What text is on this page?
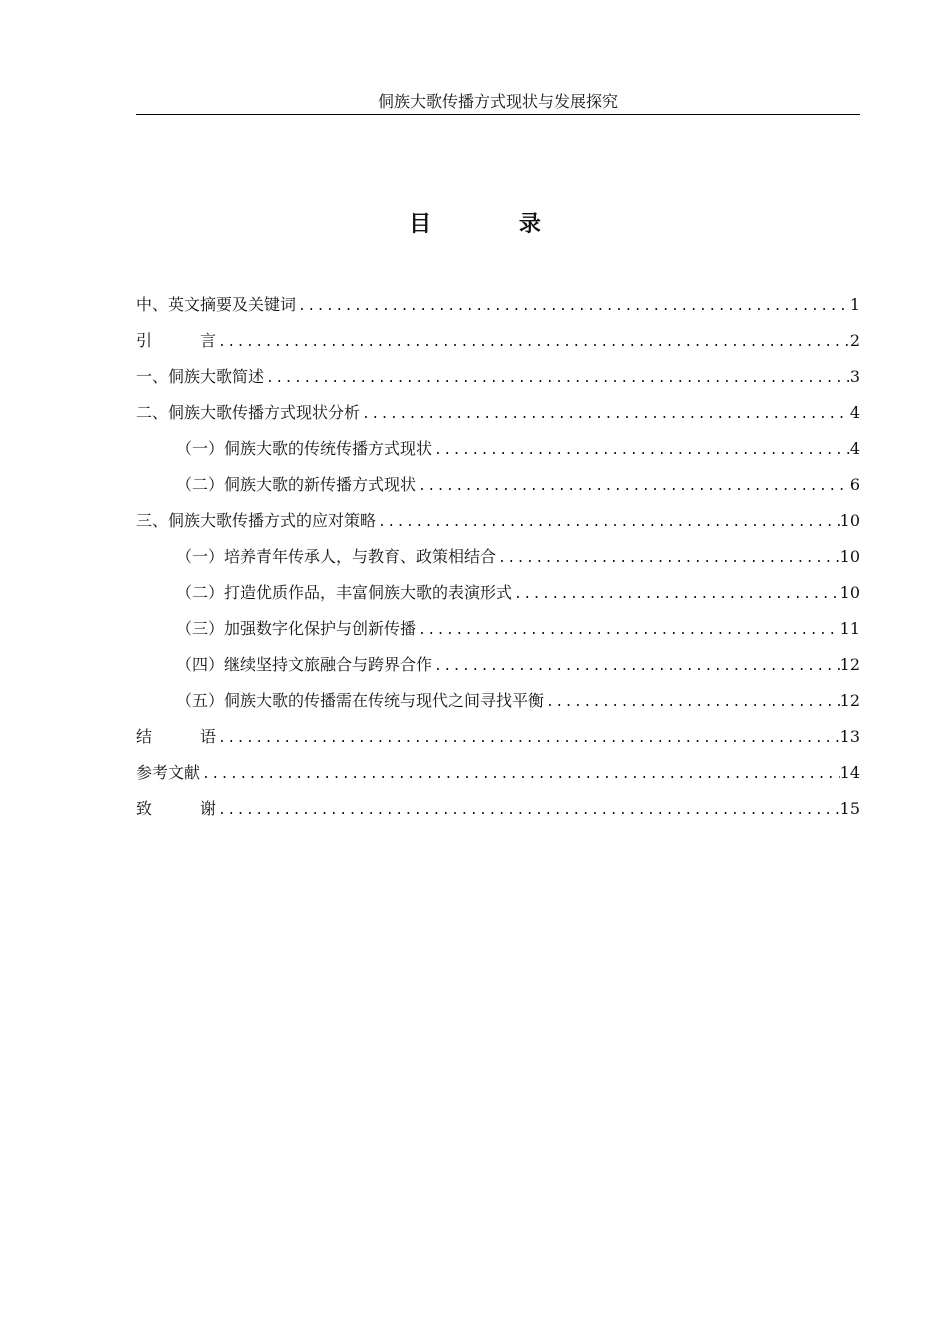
侗族大歌传播方式现状与发展探究
目 录
中、英文摘要及关键词 .....	1
引 言 .....	2
一、侗族大歌简述 .....	3
二、侗族大歌传播方式现状分析 .....	4
（一）侗族大歌的传统传播方式现状 .....	4
（二）侗族大歌的新传播方式现状 .....	6
三、侗族大歌传播方式的应对策略 .....	10
（一）培养青年传承人，与教育、政策相结合 .....	10
（二）打造优质作品，丰富侗族大歌的表演形式 .....	10
（三）加强数字化保护与创新传播 .....	11
（四）继续坚持文旅融合与跨界合作 .....	12
（五）侗族大歌的传播需在传统与现代之间寻找平衡 .....	12
结 语 .....	13
参考文献 .....	14
致 谢 .....	15
